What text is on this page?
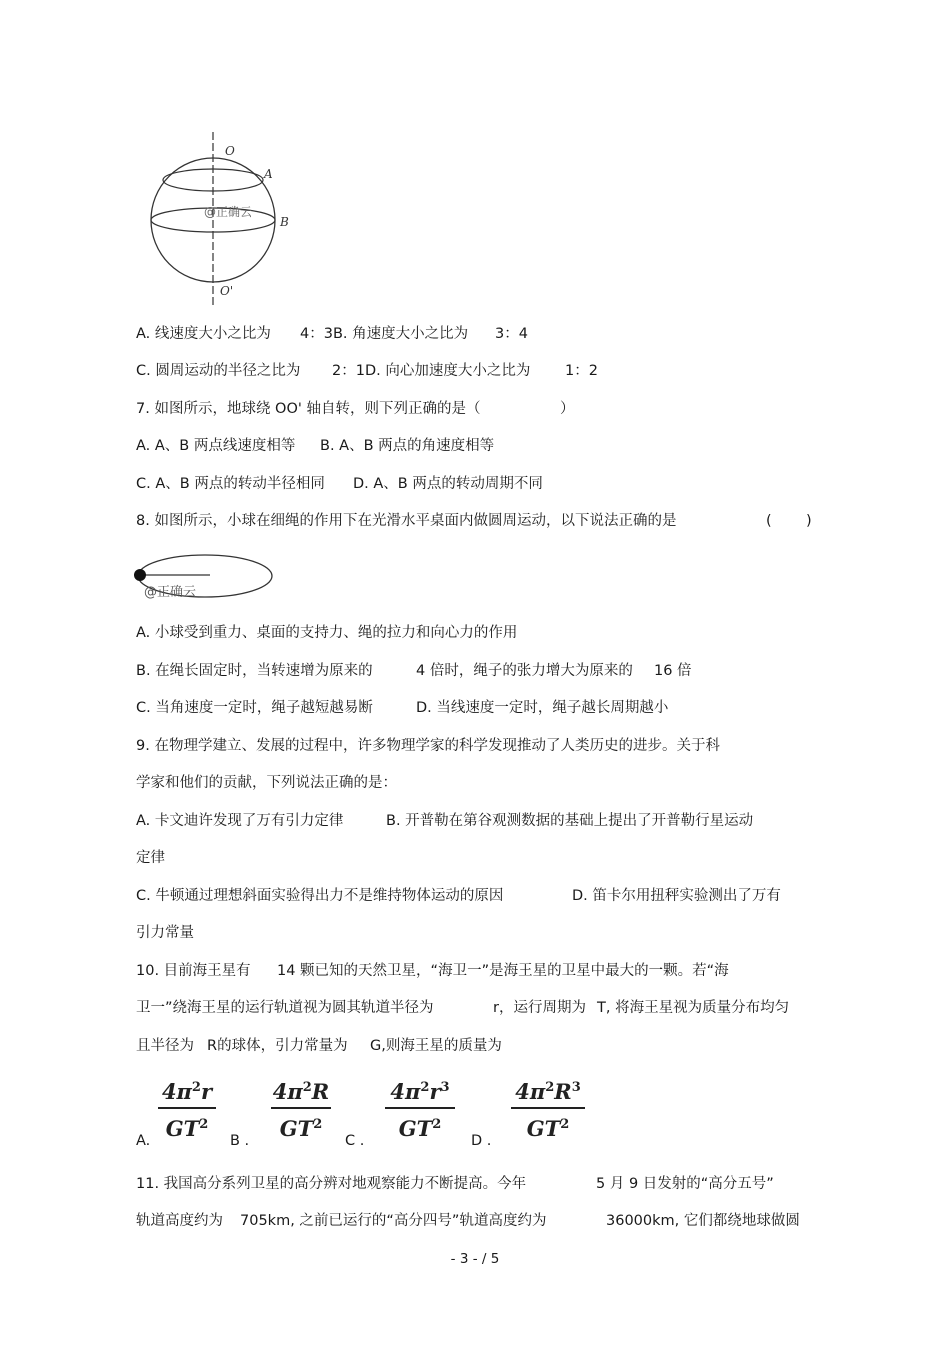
O
A
B
O'
@正确云
A. 线速度大小之比为 4：3B. 角速度大小之比为 3：4
C. 圆周运动的半径之比为 2：1D. 向心加速度大小之比为 1：2
7. 如图所示，地球绕 OO' 轴自转，则下列正确的是（	）
A. A、B 两点线速度相等 B. A、B 两点的角速度相等
C. A、B 两点的转动半径相同 D. A、B 两点的转动周期不同
8. 如图所示，小球在细绳的作用下在光滑水平桌面内做圆周运动，以下说法正确的是	( )
@正确云
A. 小球受到重力、桌面的支持力、绳的拉力和向心力的作用
B. 在绳长固定时，当转速增为原来的	4 倍时，绳子的张力增大为原来的 16 倍
C. 当角速度一定时，绳子越短越易断	D. 当线速度一定时，绳子越长周期越小
9. 在物理学建立、发展的过程中，许多物理学家的科学发现推动了人类历史的进步。关于科
学家和他们的贡献，下列说法正确的是：
A. 卡文迪许发现了万有引力定律	B. 开普勒在第谷观测数据的基础上提出了开普勒行星运动
定律
C. 牛顿通过理想斜面实验得出力不是维持物体运动的原因	D. 笛卡尔用扭秤实验测出了万有
引力常量
10. 目前海王星有 14 颗已知的天然卫星，“海卫一”是海王星的卫星中最大的一颗。若“海
卫一”绕海王星的运行轨道视为圆其轨道半径为	r，运行周期为 T, 将海王星视为质量分布均匀
且半径为 R的球体，引力常量为 G,则海王星的质量为
A.
$4\pi^2r$
$GT^2$
B .
$4\pi^2R$
$GT^2$
C .
$4\pi^2r^3$
$GT^2$
D .
$4\pi^2R^3$
$GT^2$
11. 我国高分系列卫星的高分辨对地观察能力不断提高。今年	5 月 9 日发射的“高分五号”
轨道高度约为 705km, 之前已运行的“高分四号”轨道高度约为	36000km, 它们都绕地球做圆
- 3 - / 5
